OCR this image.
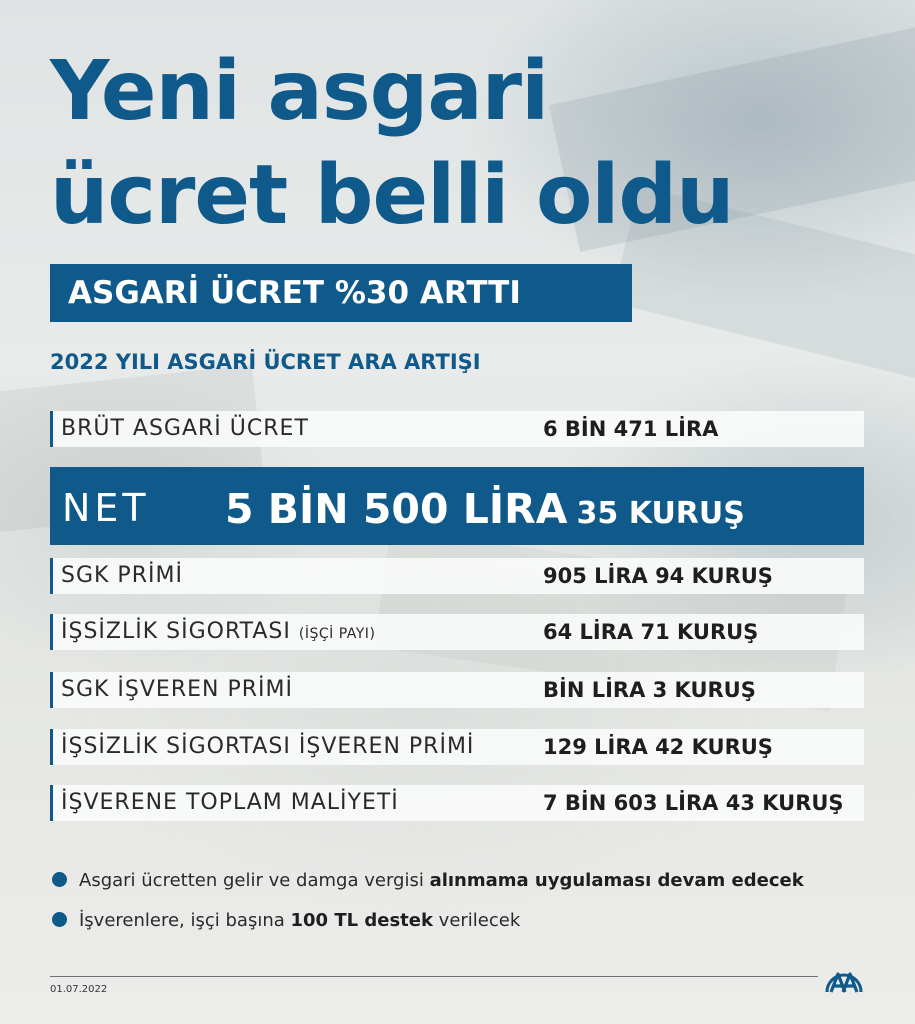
Yeni asgari
ücret belli oldu
ASGARİ ÜCRET %30 ARTTI
2022 YILI ASGARİ ÜCRET ARA ARTIŞI
BRÜT ASGARİ ÜCRET	6 BİN 471 LİRA
NET 5 BİN 500 LİRA 35 KURUŞ
SGK PRİMİ	905 LİRA 94 KURUŞ
İŞSİZLİK SİGORTASI (İŞÇİ PAYI)	64 LİRA 71 KURUŞ
SGK İŞVEREN PRİMİ	BİN LİRA 3 KURUŞ
İŞSİZLİK SİGORTASI İŞVEREN PRİMİ	129 LİRA 42 KURUŞ
İŞVERENE TOPLAM MALİYETİ	7 BİN 603 LİRA 43 KURUŞ
Asgari ücretten gelir ve damga vergisi alınmama uygulaması devam edecek
İşverenlere, işçi başına 100 TL destek verilecek
01.07.2022
